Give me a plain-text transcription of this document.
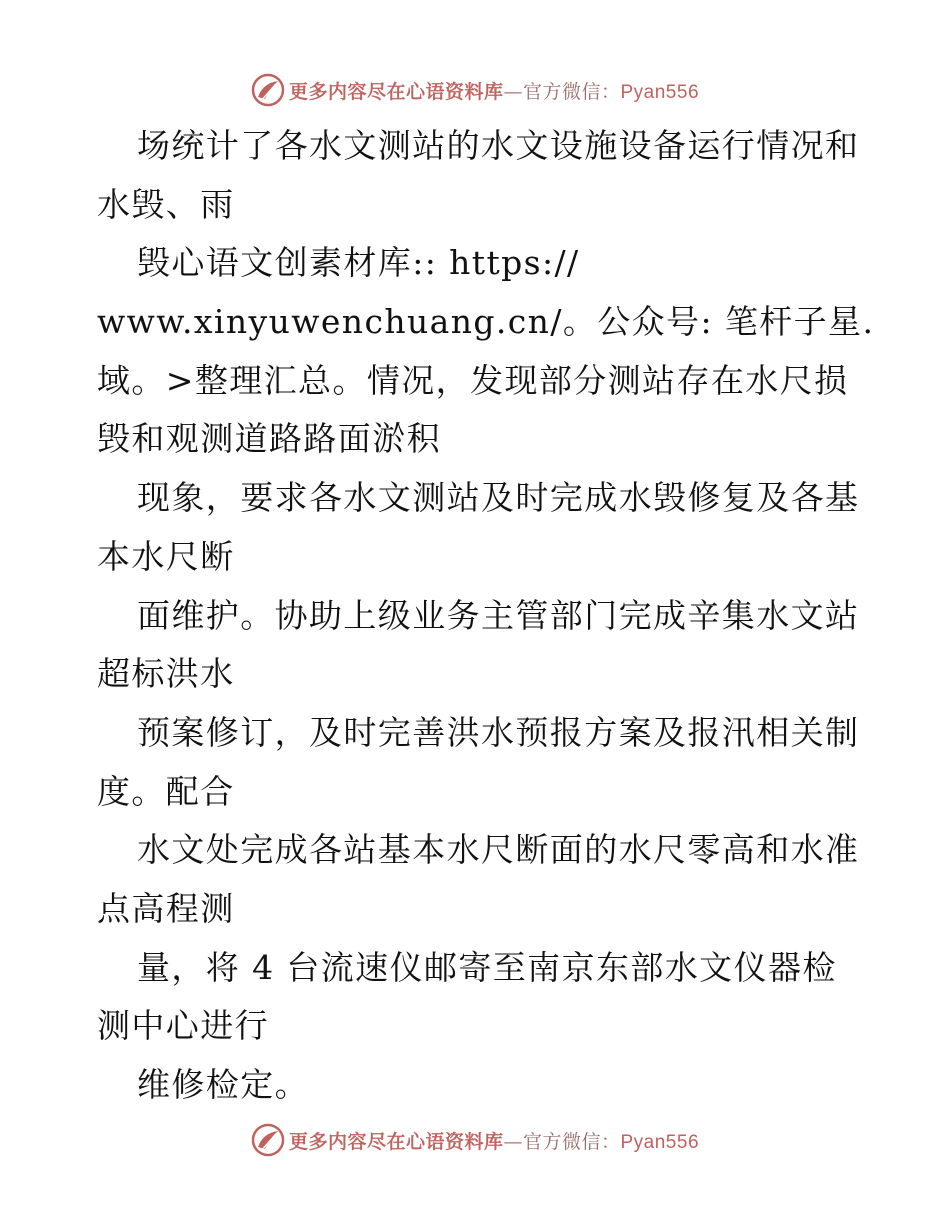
更多内容尽在心语资料库—官方微信：Pyan556
场统计了各水文测站的水文设施设备运行情况和
水毁、雨
毁心语文创素材库:: https://
www.xinyuwenchuang.cn/。公众号: 笔杆子星.
域。>整理汇总。情况，发现部分测站存在水尺损
毁和观测道路路面淤积
现象，要求各水文测站及时完成水毁修复及各基
本水尺断
面维护。协助上级业务主管部门完成辛集水文站
超标洪水
预案修订，及时完善洪水预报方案及报汛相关制
度。配合
水文处完成各站基本水尺断面的水尺零高和水准
点高程测
量，将 4 台流速仪邮寄至南京东部水文仪器检
测中心进行
维修检定。
更多内容尽在心语资料库—官方微信：Pyan556
